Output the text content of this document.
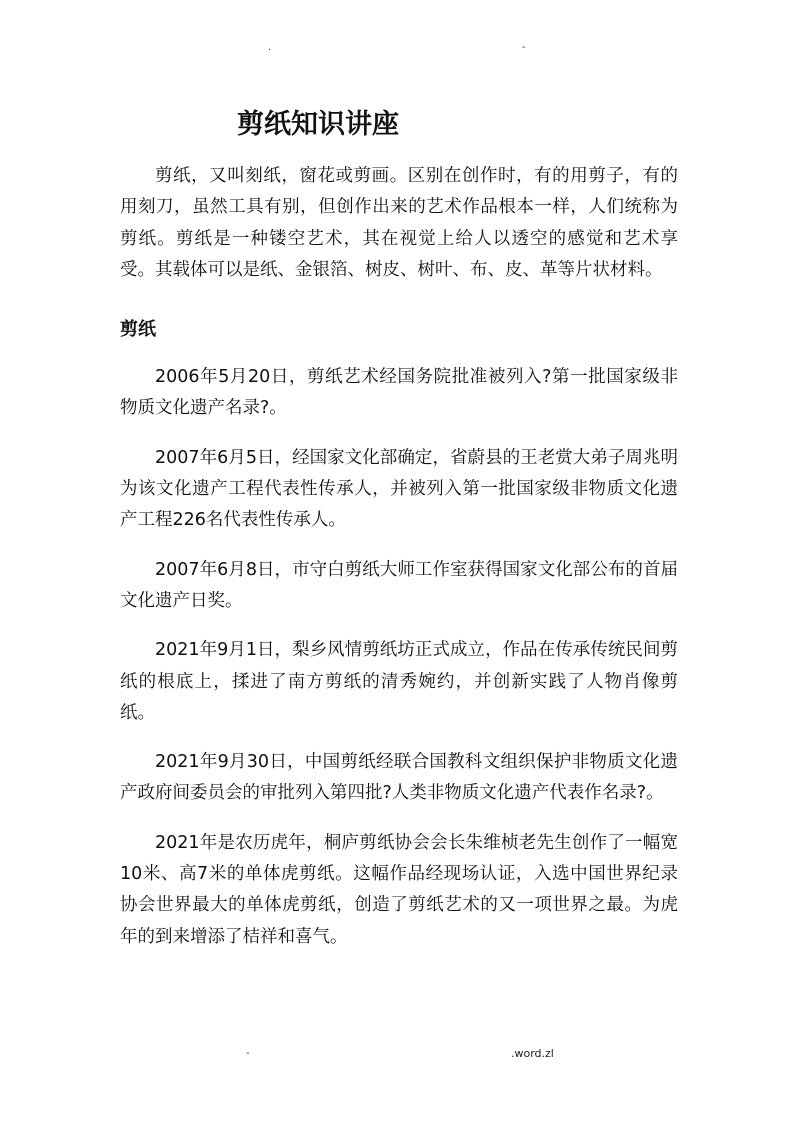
.	-
剪纸知识讲座

剪纸，又叫刻纸，窗花或剪画。区别在创作时，有的用剪子，有的用刻刀，虽然工具有别，但创作出来的艺术作品根本一样，人们统称为剪纸。剪纸是一种镂空艺术，其在视觉上给人以透空的感觉和艺术享受。其载体可以是纸、金银箔、树皮、树叶、布、皮、革等片状材料。

剪纸

2006年5月20日，剪纸艺术经国务院批准被列入?第一批国家级非物质文化遗产名录?。

2007年6月5日，经国家文化部确定，省蔚县的王老赏大弟子周兆明为该文化遗产工程代表性传承人，并被列入第一批国家级非物质文化遗产工程226名代表性传承人。

2007年6月8日，市守白剪纸大师工作室获得国家文化部公布的首届文化遗产日奖。

2021年9月1日，梨乡风情剪纸坊正式成立，作品在传承传统民间剪纸的根底上，揉进了南方剪纸的清秀婉约，并创新实践了人物肖像剪纸。

2021年9月30日，中国剪纸经联合国教科文组织保护非物质文化遗产政府间委员会的审批列入第四批?人类非物质文化遗产代表作名录?。

2021年是农历虎年，桐庐剪纸协会会长朱维桢老先生创作了一幅宽10米、高7米的单体虎剪纸。这幅作品经现场认证，入选中国世界纪录协会世界最大的单体虎剪纸，创造了剪纸艺术的又一项世界之最。为虎年的到来增添了桔祥和喜气。

-	.word.zl
